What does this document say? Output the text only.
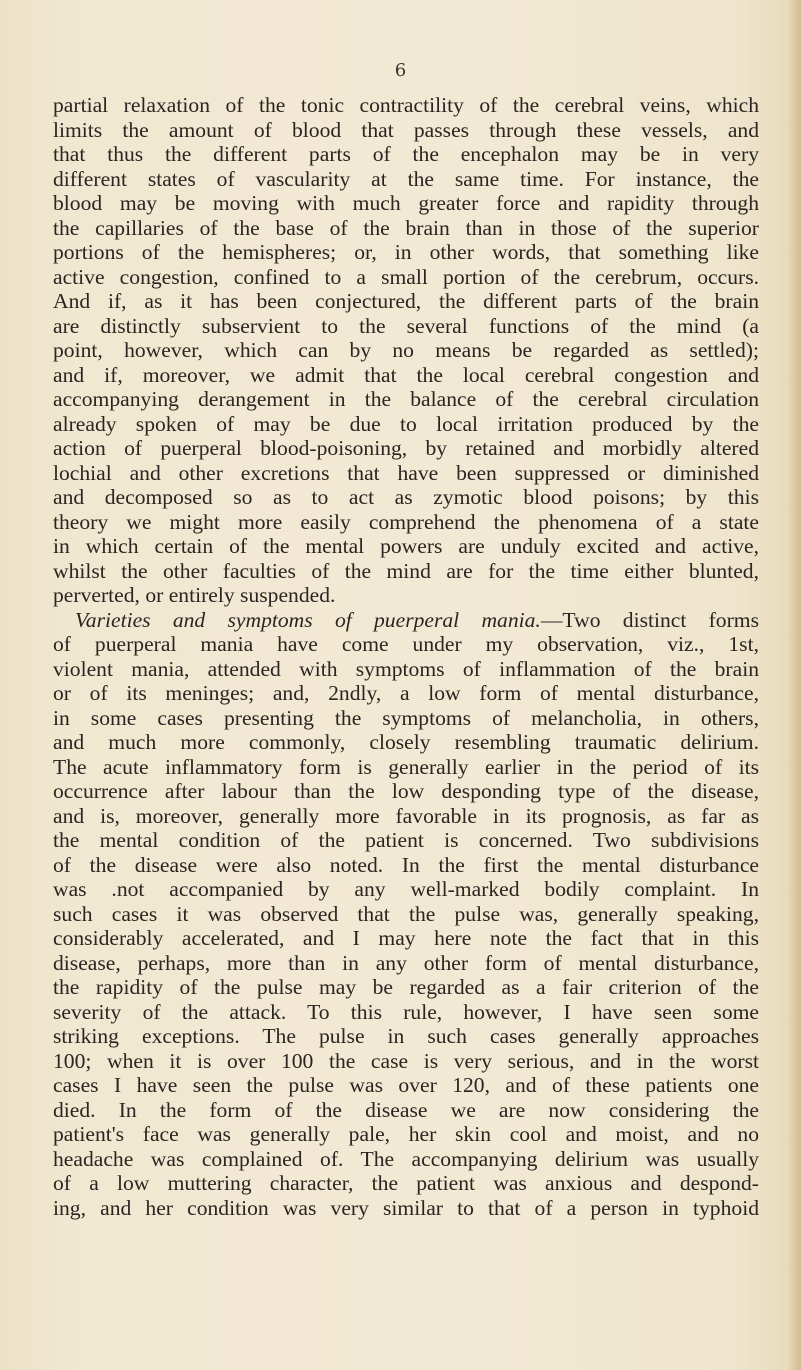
6
partial relaxation of the tonic contractility of the cerebral veins, which
limits the amount of blood that passes through these vessels, and
that thus the different parts of the encephalon may be in very
different states of vascularity at the same time. For instance, the
blood may be moving with much greater force and rapidity through
the capillaries of the base of the brain than in those of the superior
portions of the hemispheres; or, in other words, that something like
active congestion, confined to a small portion of the cerebrum, occurs.
And if, as it has been conjectured, the different parts of the brain
are distinctly subservient to the several functions of the mind (a
point, however, which can by no means be regarded as settled);
and if, moreover, we admit that the local cerebral congestion and
accompanying derangement in the balance of the cerebral circulation
already spoken of may be due to local irritation produced by the
action of puerperal blood-poisoning, by retained and morbidly altered
lochial and other excretions that have been suppressed or diminished
and decomposed so as to act as zymotic blood poisons; by this
theory we might more easily comprehend the phenomena of a state
in which certain of the mental powers are unduly excited and active,
whilst the other faculties of the mind are for the time either blunted,
perverted, or entirely suspended.
Varieties and symptoms of puerperal mania.—Two distinct forms
of puerperal mania have come under my observation, viz., 1st,
violent mania, attended with symptoms of inflammation of the brain
or of its meninges; and, 2ndly, a low form of mental disturbance,
in some cases presenting the symptoms of melancholia, in others,
and much more commonly, closely resembling traumatic delirium.
The acute inflammatory form is generally earlier in the period of its
occurrence after labour than the low desponding type of the disease,
and is, moreover, generally more favorable in its prognosis, as far as
the mental condition of the patient is concerned. Two subdivisions
of the disease were also noted. In the first the mental disturbance
was .not accompanied by any well-marked bodily complaint. In
such cases it was observed that the pulse was, generally speaking,
considerably accelerated, and I may here note the fact that in this
disease, perhaps, more than in any other form of mental disturbance,
the rapidity of the pulse may be regarded as a fair criterion of the
severity of the attack. To this rule, however, I have seen some
striking exceptions. The pulse in such cases generally approaches
100; when it is over 100 the case is very serious, and in the worst
cases I have seen the pulse was over 120, and of these patients one
died. In the form of the disease we are now considering the
patient's face was generally pale, her skin cool and moist, and no
headache was complained of. The accompanying delirium was usually
of a low muttering character, the patient was anxious and despond-
ing, and her condition was very similar to that of a person in typhoid
